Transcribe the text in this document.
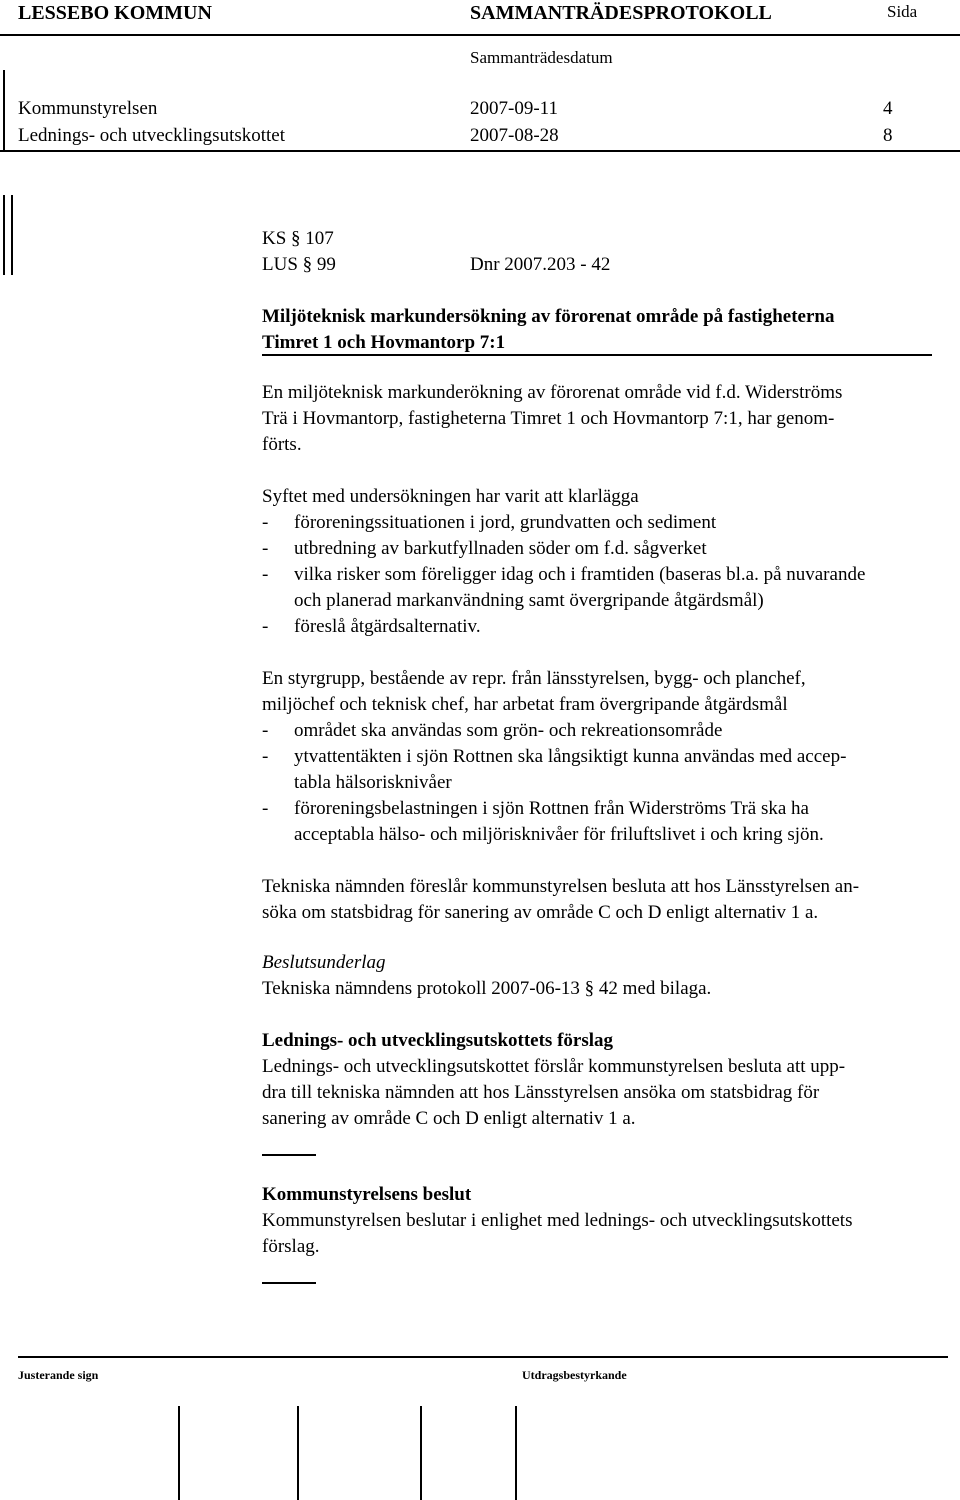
LESSEBO KOMMUN	SAMMANTRÄDESPROTOKOLL	Sida
Sammanträdesdatum
Kommunstyrelsen	2007-09-11	4
Lednings- och utvecklingsutskottet	2007-08-28	8
KS § 107
LUS § 99	Dnr 2007.203 - 42
Miljöteknisk markundersökning av förorenat område på fastigheterna
Timret 1 och Hovmantorp 7:1
En miljöteknisk markunderökning av förorenat område vid f.d. Widerströms
Trä i Hovmantorp, fastigheterna Timret 1 och Hovmantorp 7:1, har genom-
förts.
Syftet med undersökningen har varit att klarlägga
- föroreningssituationen i jord, grundvatten och sediment
- utbredning av barkutfyllnaden söder om f.d. sågverket
- vilka risker som föreligger idag och i framtiden (baseras bl.a. på nuvarande
och planerad markanvändning samt övergripande åtgärdsmål)
- föreslå åtgärdsalternativ.
En styrgrupp, bestående av repr. från länsstyrelsen, bygg- och planchef,
miljöchef och teknisk chef, har arbetat fram övergripande åtgärdsmål
- området ska användas som grön- och rekreationsområde
- ytvattentäkten i sjön Rottnen ska långsiktigt kunna användas med accep-
tabla hälsorisknivåer
- föroreningsbelastningen i sjön Rottnen från Widerströms Trä ska ha
acceptabla hälso- och miljörisknivåer för friluftslivet i och kring sjön.
Tekniska nämnden föreslår kommunstyrelsen besluta att hos Länsstyrelsen an-
söka om statsbidrag för sanering av område C och D enligt alternativ 1 a.
Beslutsunderlag
Tekniska nämndens protokoll 2007-06-13 § 42 med bilaga.
Lednings- och utvecklingsutskottets förslag
Lednings- och utvecklingsutskottet förslår kommunstyrelsen besluta att upp-
dra till tekniska nämnden att hos Länsstyrelsen ansöka om statsbidrag för
sanering av område C och D enligt alternativ 1 a.
Kommunstyrelsens beslut
Kommunstyrelsen beslutar i enlighet med lednings- och utvecklingsutskottets
förslag.
Justerande sign	Utdragsbestyrkande
